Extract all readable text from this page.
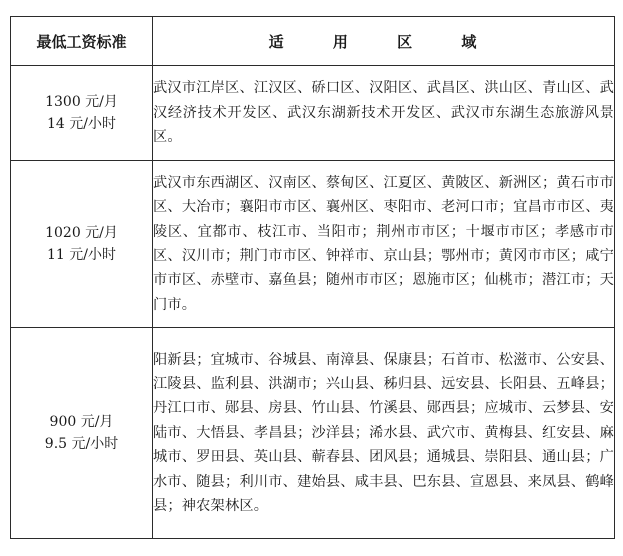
最低工资标准	适 用 区 域

1300 元/月
14 元/小时	武汉市江岸区、江汉区、硚口区、汉阳区、武昌区、洪山区、青山区、武汉经济技术开发区、武汉东湖新技术开发区、武汉市东湖生态旅游风景区。

1020 元/月
11 元/小时	武汉市东西湖区、汉南区、蔡甸区、江夏区、黄陂区、新洲区；黄石市市区、大冶市；襄阳市市区、襄州区、枣阳市、老河口市；宜昌市市区、夷陵区、宜都市、枝江市、当阳市；荆州市市区；十堰市市区；孝感市市区、汉川市；荆门市市区、钟祥市、京山县；鄂州市；黄冈市市区；咸宁市市区、赤壁市、嘉鱼县；随州市市区；恩施市区；仙桃市；潜江市；天门市。

900 元/月
9.5 元/小时	阳新县；宜城市、谷城县、南漳县、保康县；石首市、松滋市、公安县、江陵县、监利县、洪湖市；兴山县、秭归县、远安县、长阳县、五峰县；丹江口市、郧县、房县、竹山县、竹溪县、郧西县；应城市、云梦县、安陆市、大悟县、孝昌县；沙洋县；浠水县、武穴市、黄梅县、红安县、麻城市、罗田县、英山县、蕲春县、团风县；通城县、崇阳县、通山县；广水市、随县；利川市、建始县、咸丰县、巴东县、宣恩县、来凤县、鹤峰县；神农架林区。
